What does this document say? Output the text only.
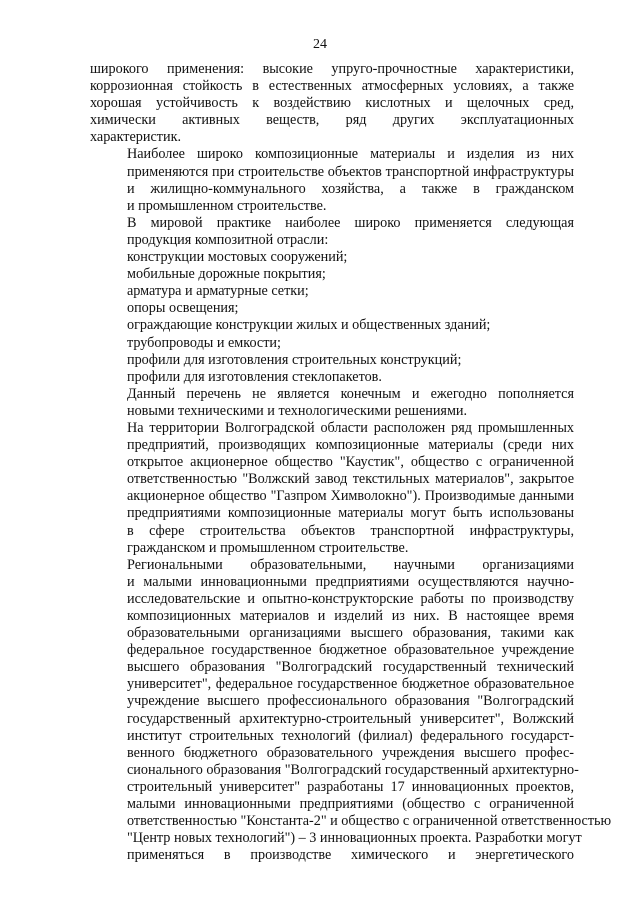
24

широкого применения: высокие упруго-прочностные характеристики,
коррозионная стойкость в естественных атмосферных условиях, а также
хорошая устойчивость к воздействию кислотных и щелочных сред,
химически активных веществ, ряд других эксплуатационных
характеристик.

Наиболее широко композиционные материалы и изделия из них
применяются при строительстве объектов транспортной инфраструктуры
и жилищно-коммунального хозяйства, а также в гражданском
и промышленном строительстве.

В мировой практике наиболее широко применяется следующая
продукция композитной отрасли:

конструкции мостовых сооружений;

мобильные дорожные покрытия;

арматура и арматурные сетки;

опоры освещения;

ограждающие конструкции жилых и общественных зданий;

трубопроводы и емкости;

профили для изготовления строительных конструкций;

профили для изготовления стеклопакетов.

Данный перечень не является конечным и ежегодно пополняется
новыми техническими и технологическими решениями.

На территории Волгоградской области расположен ряд промышленных
предприятий, производящих композиционные материалы (среди них
открытое акционерное общество "Каустик", общество с ограниченной
ответственностью "Волжский завод текстильных материалов", закрытое
акционерное общество "Газпром Химволокно"). Производимые данными
предприятиями композиционные материалы могут быть использованы
в сфере строительства объектов транспортной инфраструктуры,
гражданском и промышленном строительстве.

Региональными образовательными, научными организациями
и малыми инновационными предприятиями осуществляются научно-
исследовательские и опытно-конструкторские работы по производству
композиционных материалов и изделий из них. В настоящее время
образовательными организациями высшего образования, такими как
федеральное государственное бюджетное образовательное учреждение
высшего образования "Волгоградский государственный технический
университет", федеральное государственное бюджетное образовательное
учреждение высшего профессионального образования "Волгоградский
государственный архитектурно-строительный университет", Волжский
институт строительных технологий (филиал) федерального государст-
венного бюджетного образовательного учреждения высшего профес-
сионального образования "Волгоградский государственный архитектурно-
строительный университет" разработаны 17 инновационных проектов,
малыми инновационными предприятиями (общество с ограниченной
ответственностью "Константа-2" и общество с ограниченной ответственностью
"Центр новых технологий") – 3 инновационных проекта. Разработки могут
применяться в производстве химического и энергетического
